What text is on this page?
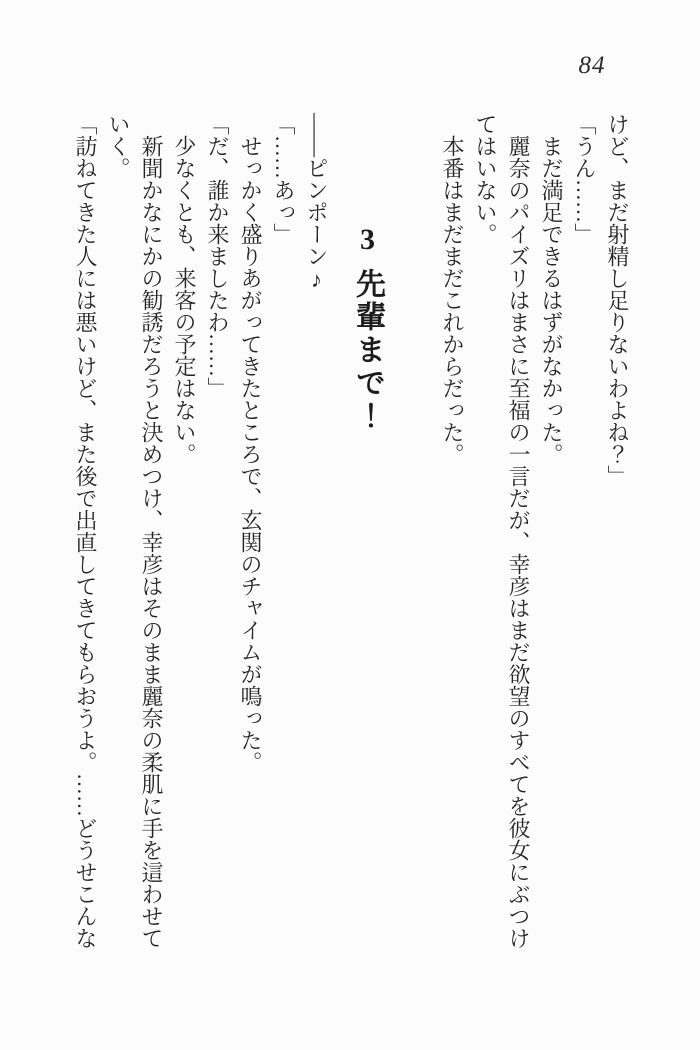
84

けど、まだ射精し足りないわよね？」

「うん……」

まだ満足できるはずがなかった。

麗奈のパイズリはまさに至福の一言だが、幸彦はまだ欲望のすべてを彼女にぶつけてはいない。

本番はまだまだこれからだった。

3先輩まで！

――ピンポーン♪

「……あっ」

せっかく盛りあがってきたところで、玄関のチャイムが鳴った。

「だ、誰か来ましたわ……」

少なくとも、来客の予定はない。

新聞かなにかの勧誘だろうと決めつけ、幸彦はそのまま麗奈の柔肌に手を這わせていく。

「訪ねてきた人には悪いけど、また後で出直してきてもらおうよ。……どうせこんな
